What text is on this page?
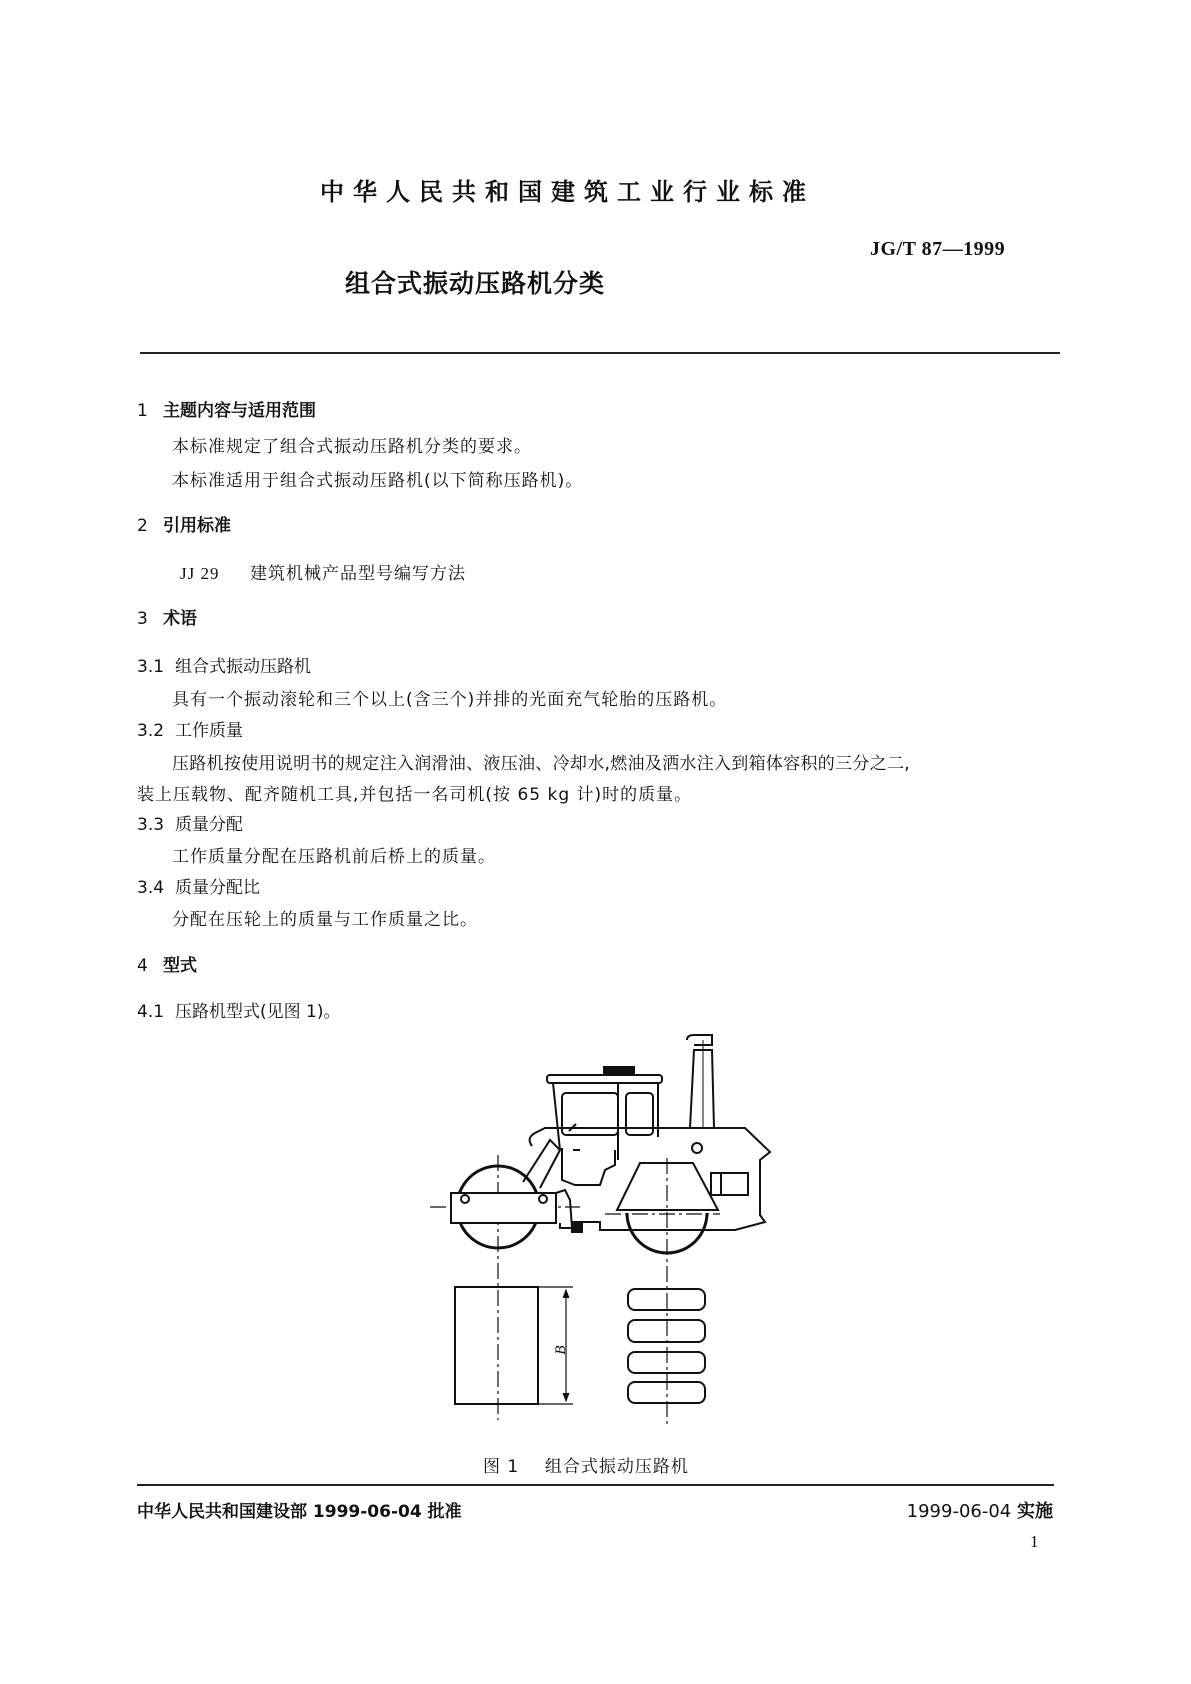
中华人民共和国建筑工业行业标准
JG/T 87—1999
组合式振动压路机分类
1 主题内容与适用范围
本标准规定了组合式振动压路机分类的要求。
本标准适用于组合式振动压路机(以下简称压路机)。
2 引用标准
JJ 29 建筑机械产品型号编写方法
3 术语
3.1 组合式振动压路机
具有一个振动滚轮和三个以上(含三个)并排的光面充气轮胎的压路机。
3.2 工作质量
压路机按使用说明书的规定注入润滑油、液压油、冷却水,燃油及洒水注入到箱体容积的三分之二,
装上压载物、配齐随机工具,并包括一名司机(按 65 kg 计)时的质量。
3.3 质量分配
工作质量分配在压路机前后桥上的质量。
3.4 质量分配比
分配在压轮上的质量与工作质量之比。
4 型式
4.1 压路机型式(见图 1)。
B
图 1 组合式振动压路机
中华人民共和国建设部 1999-06-04 批准	1999-06-04 实施
1
